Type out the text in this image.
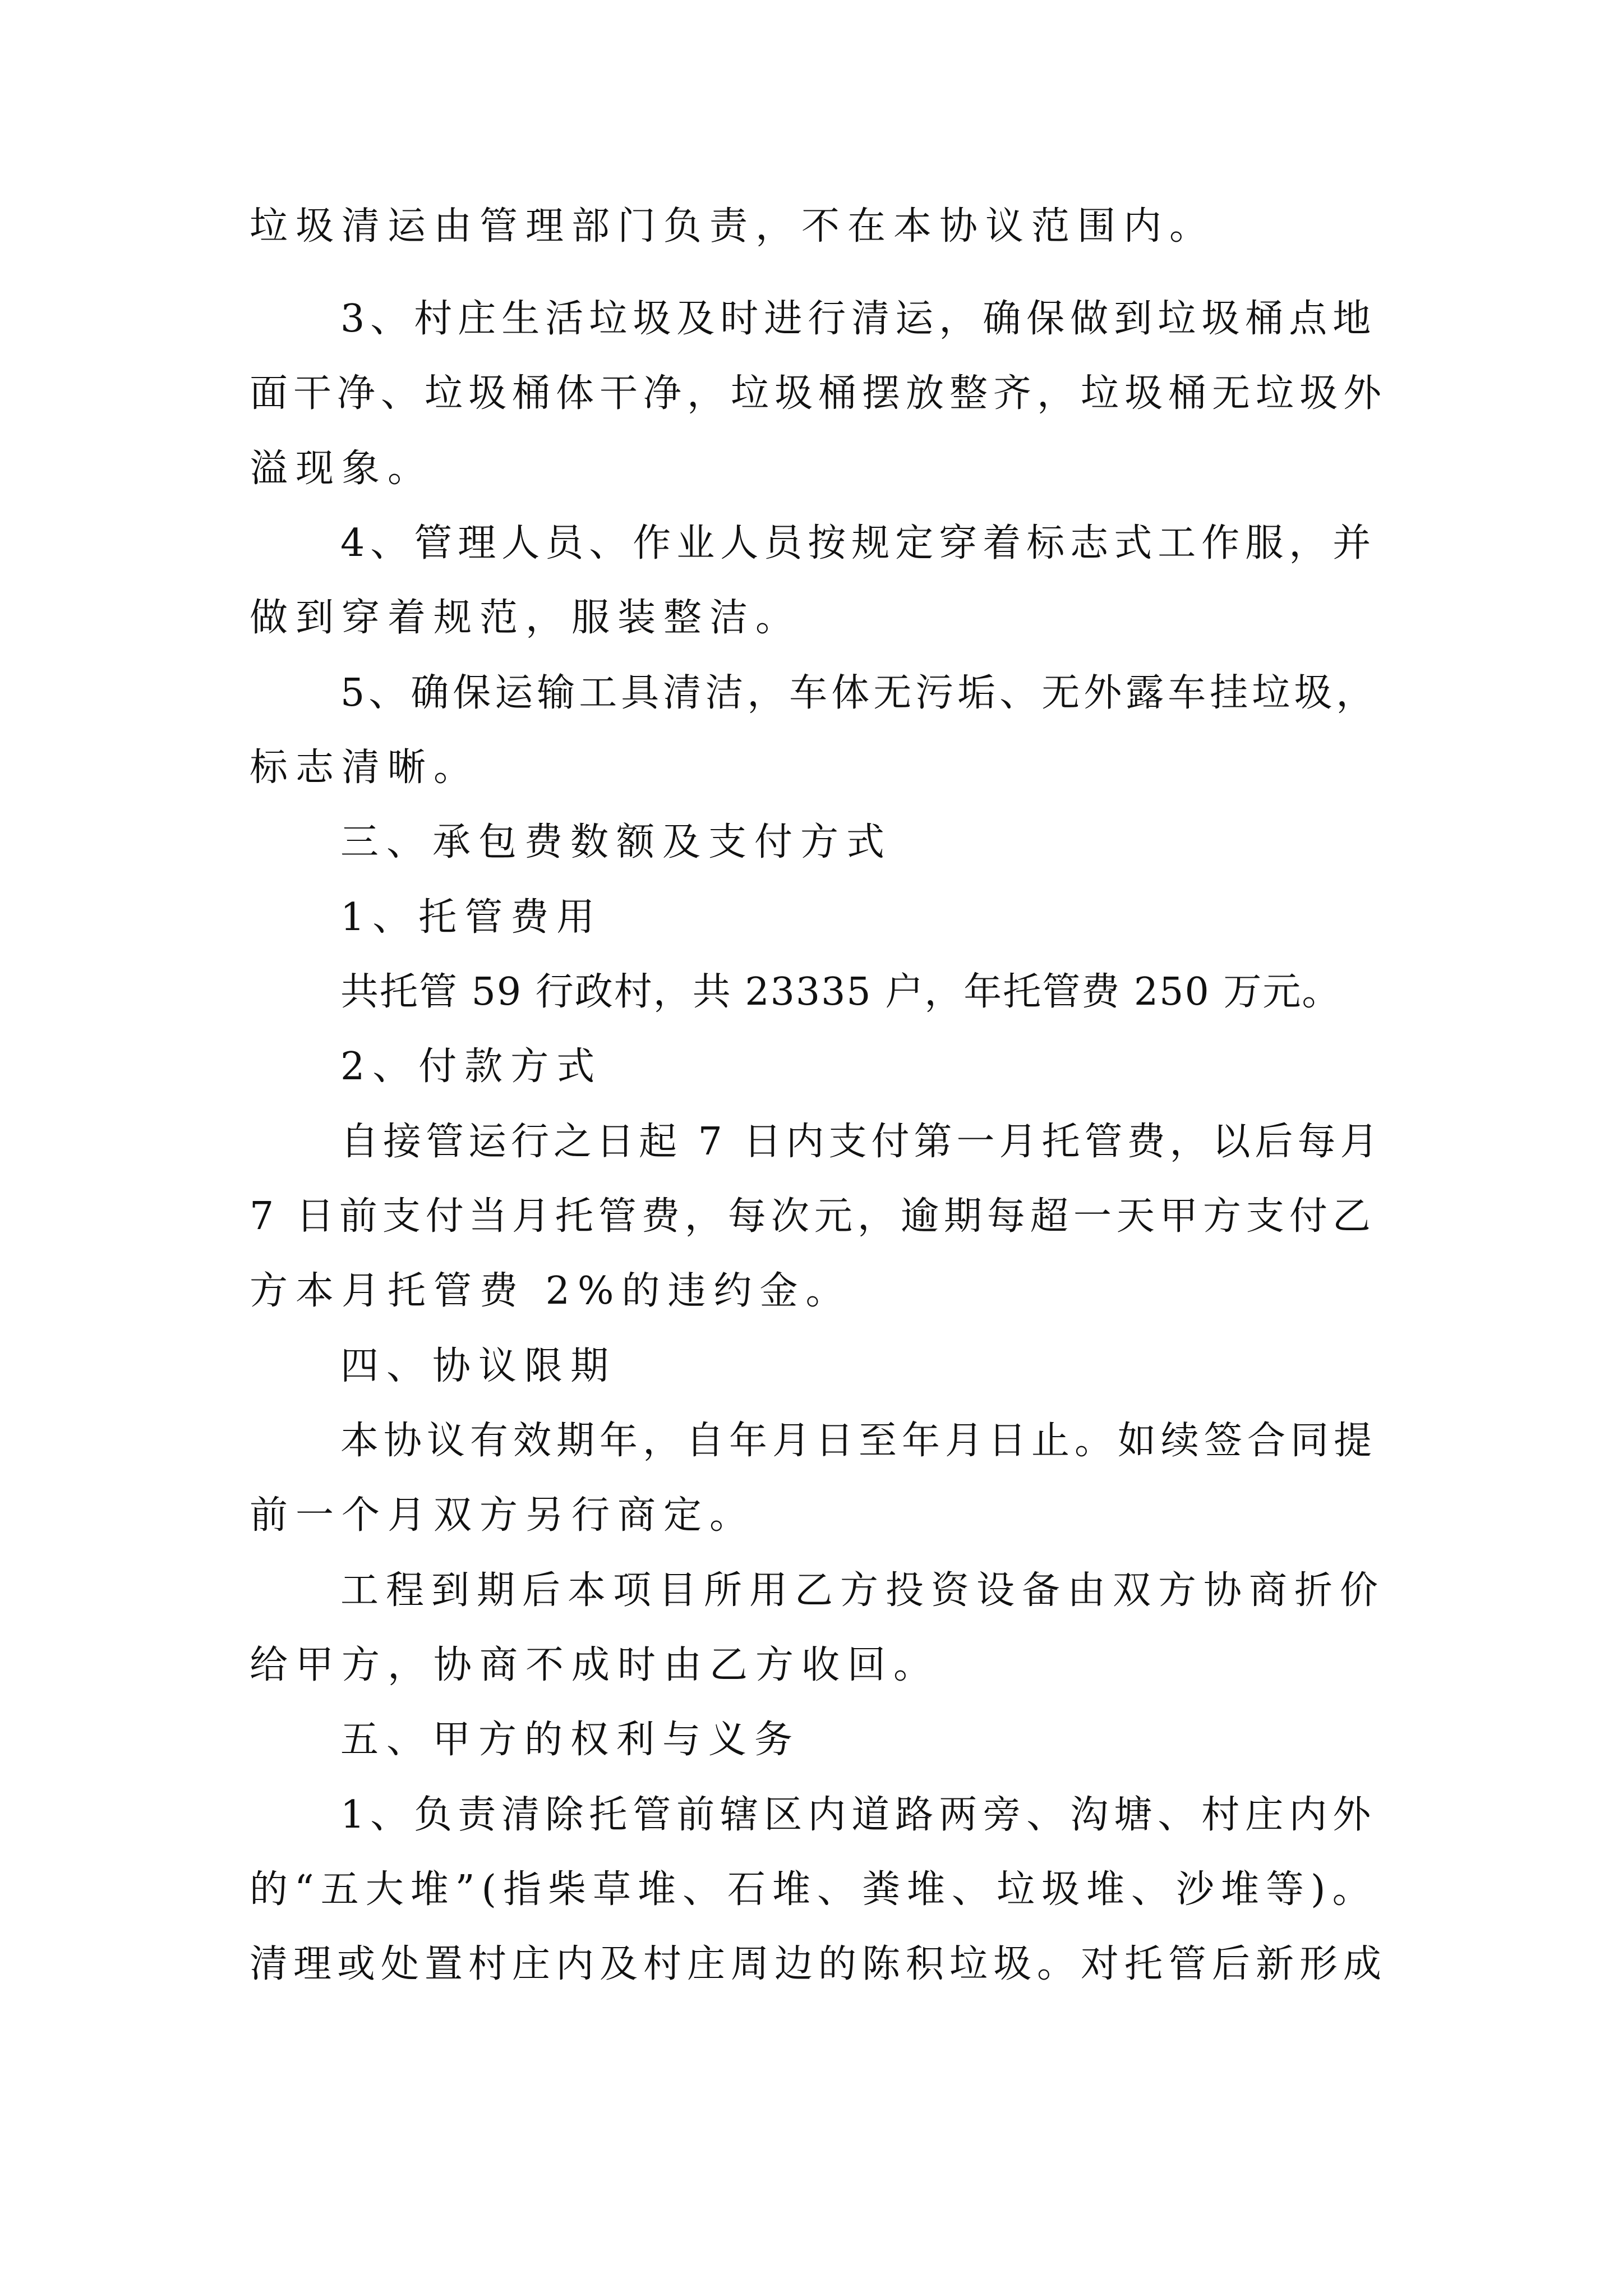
垃圾清运由管理部门负责，不在本协议范围内。

3、村庄生活垃圾及时进行清运，确保做到垃圾桶点地

面干净、垃圾桶体干净，垃圾桶摆放整齐，垃圾桶无垃圾外

溢现象。

4、管理人员、作业人员按规定穿着标志式工作服，并

做到穿着规范，服装整洁。

5、确保运输工具清洁，车体无污垢、无外露车挂垃圾，

标志清晰。

三、承包费数额及支付方式

1、托管费用

共托管 59 行政村，共 23335 户，年托管费 250 万元。

2、付款方式

自接管运行之日起 7 日内支付第一月托管费，以后每月

7 日前支付当月托管费，每次元，逾期每超一天甲方支付乙

方本月托管费 2%的违约金。

四、协议限期

本协议有效期年，自年月日至年月日止。如续签合同提

前一个月双方另行商定。

工程到期后本项目所用乙方投资设备由双方协商折价

给甲方，协商不成时由乙方收回。

五、甲方的权利与义务

1、负责清除托管前辖区内道路两旁、沟塘、村庄内外

的“五大堆”(指柴草堆、石堆、粪堆、垃圾堆、沙堆等)。

清理或处置村庄内及村庄周边的陈积垃圾。对托管后新形成
